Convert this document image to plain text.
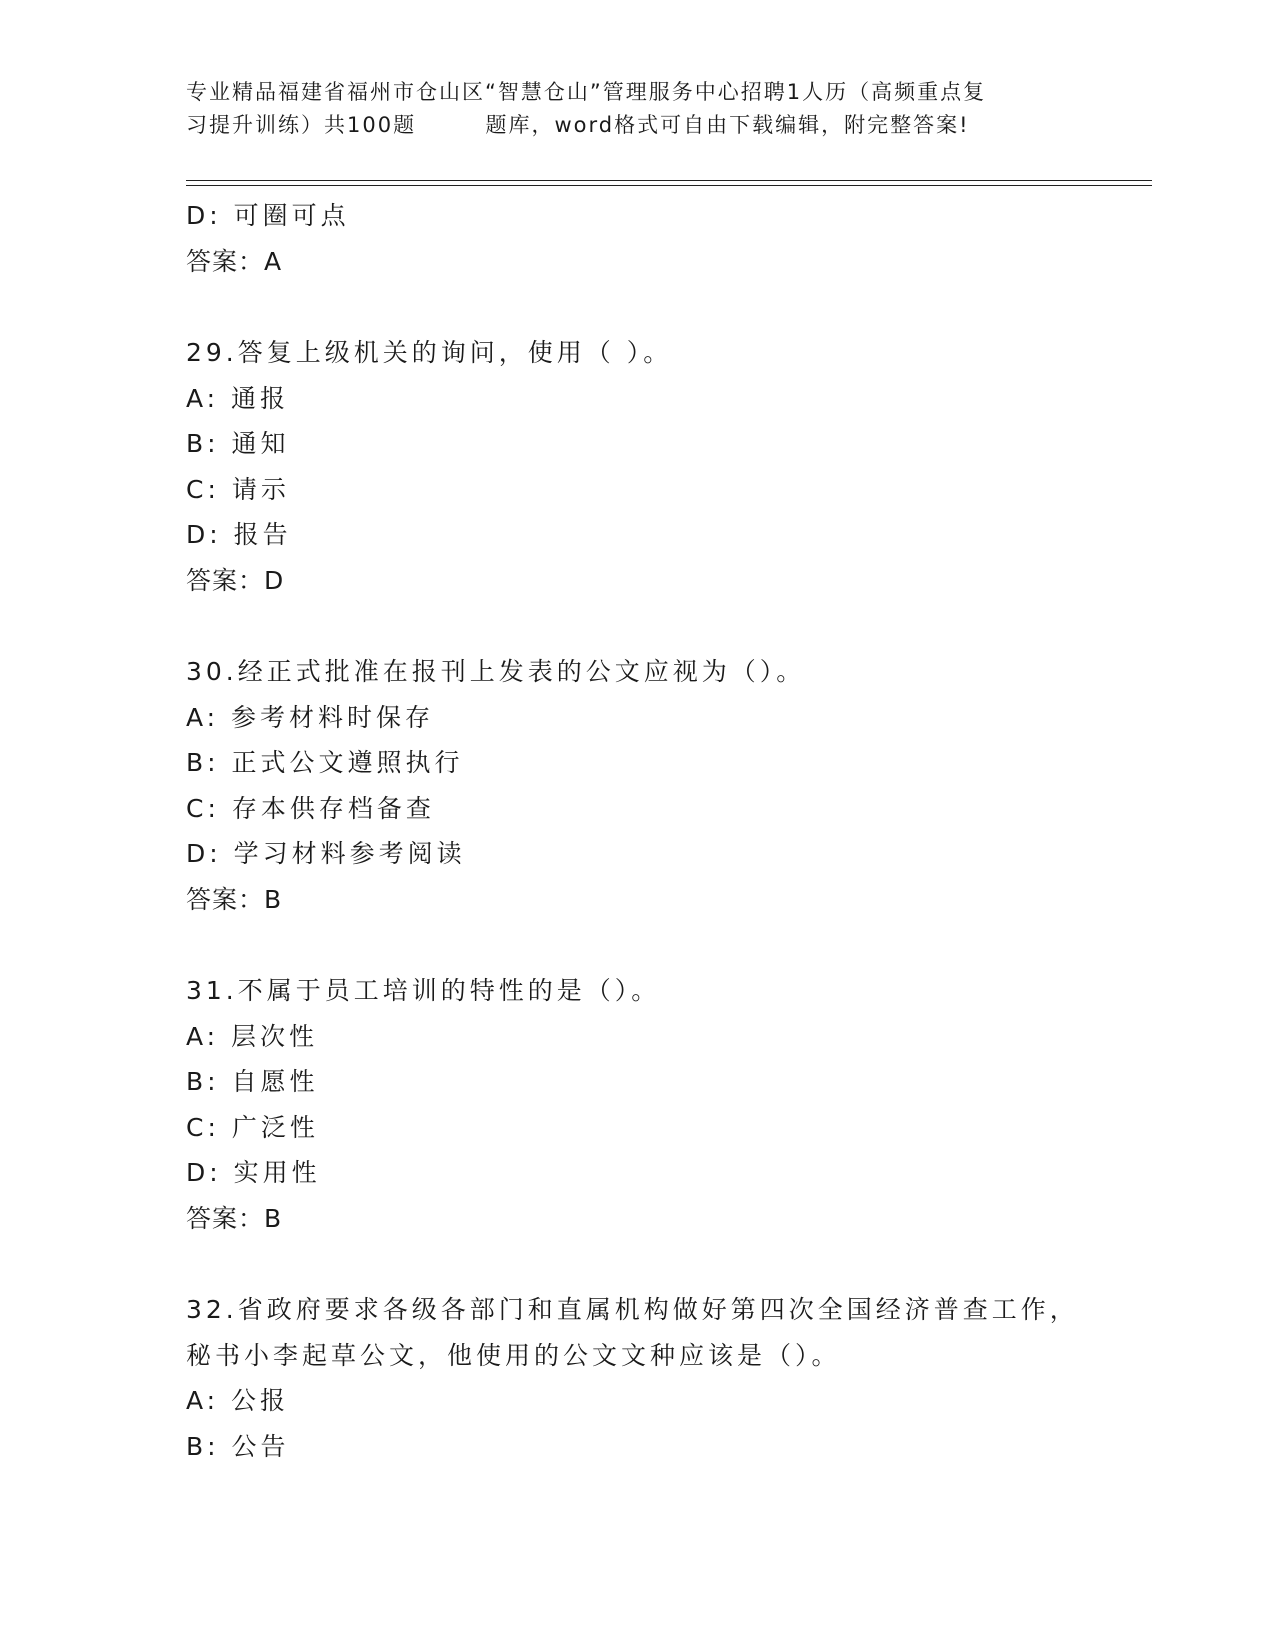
专业精品福建省福州市仓山区“智慧仓山”管理服务中心招聘1人历（高频重点复
习提升训练）共100题        题库，word格式可自由下载编辑，附完整答案!
D: 可圈可点
答案：A
29.答复上级机关的询问，使用（ ）。
A: 通报
B: 通知
C: 请示
D: 报告
答案：D
30.经正式批准在报刊上发表的公文应视为（）。
A: 参考材料时保存
B: 正式公文遵照执行
C: 存本供存档备查
D: 学习材料参考阅读
答案：B
31.不属于员工培训的特性的是（）。
A: 层次性
B: 自愿性
C: 广泛性
D: 实用性
答案：B
32.省政府要求各级各部门和直属机构做好第四次全国经济普查工作，
秘书小李起草公文，他使用的公文文种应该是（）。
A: 公报
B: 公告
